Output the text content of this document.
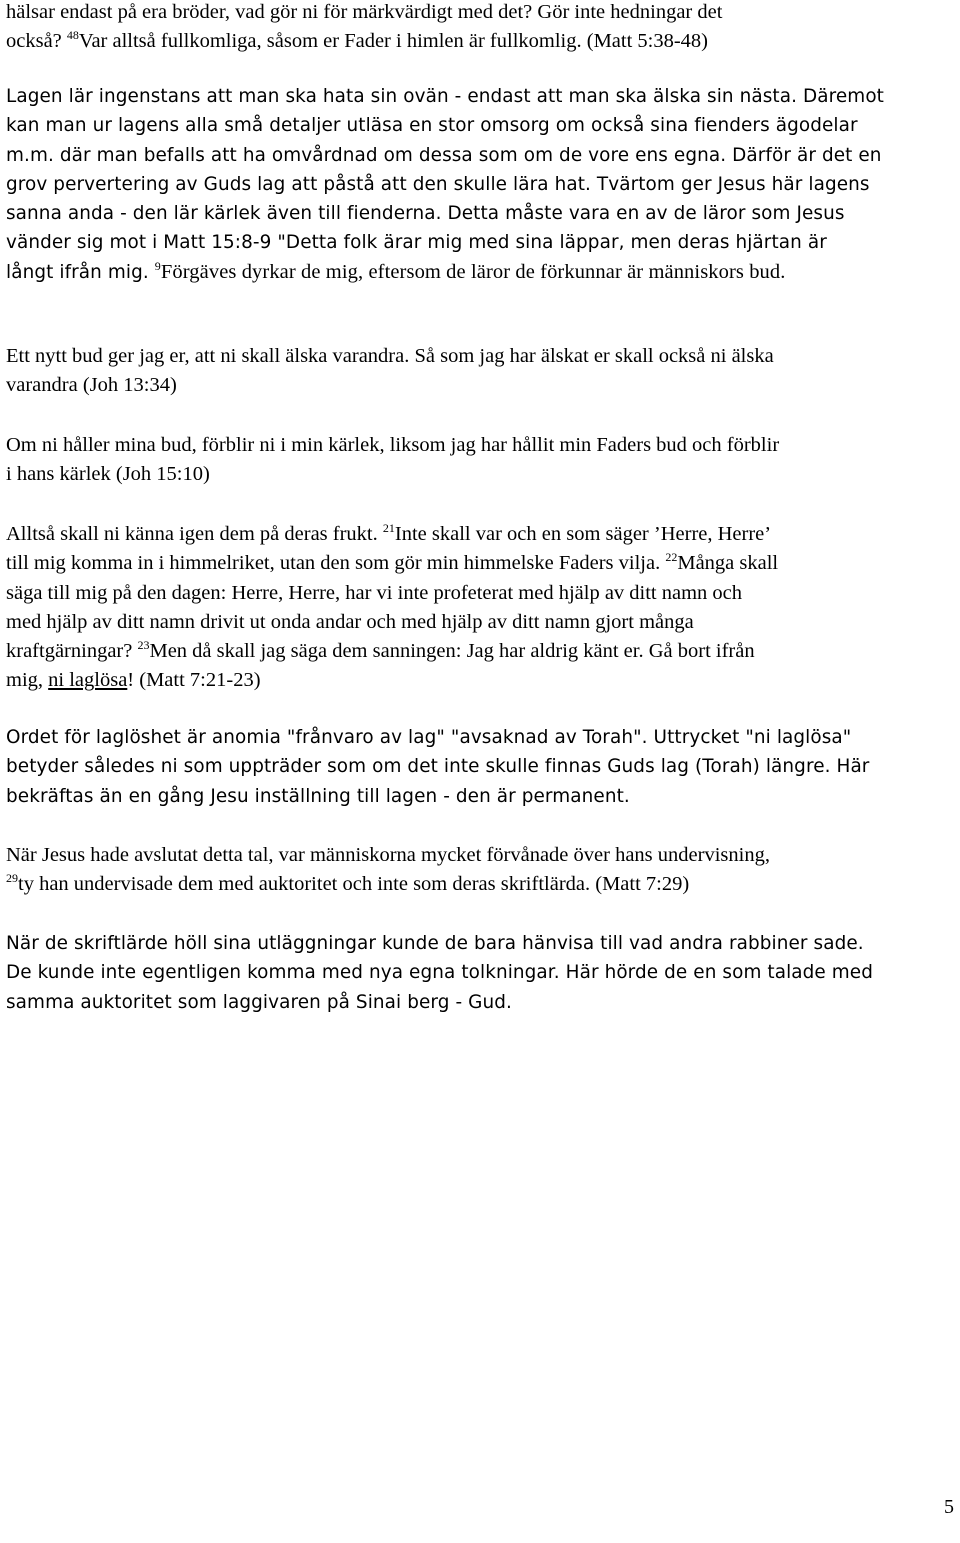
hälsar endast på era bröder, vad gör ni för märkvärdigt med det? Gör inte hedningar det
också? $^{48}$Var alltså fullkomliga, såsom er Fader i himlen är fullkomlig. (Matt 5:38-48)

Lagen lär ingenstans att man ska hata sin ovän - endast att man ska älska sin nästa. Däremot
kan man ur lagens alla små detaljer utläsa en stor omsorg om också sina fienders ägodelar
m.m. där man befalls att ha omvårdnad om dessa som om de vore ens egna. Därför är det en
grov pervertering av Guds lag att påstå att den skulle lära hat. Tvärtom ger Jesus här lagens
sanna anda - den lär kärlek även till fienderna. Detta måste vara en av de läror som Jesus
vänder sig mot i Matt 15:8-9 "Detta folk ärar mig med sina läppar, men deras hjärtan är
långt ifrån mig. $^9$Förgäves dyrkar de mig, eftersom de läror de förkunnar är människors bud.

Ett nytt bud ger jag er, att ni skall älska varandra. Så som jag har älskat er skall också ni älska
varandra (Joh 13:34)

Om ni håller mina bud, förblir ni i min kärlek, liksom jag har hållit min Faders bud och förblir
i hans kärlek (Joh 15:10)

Alltså skall ni känna igen dem på deras frukt. $^{21}$Inte skall var och en som säger ’Herre, Herre’
till mig komma in i himmelriket, utan den som gör min himmelske Faders vilja. $^{22}$Många skall
säga till mig på den dagen: Herre, Herre, har vi inte profeterat med hjälp av ditt namn och
med hjälp av ditt namn drivit ut onda andar och med hjälp av ditt namn gjort många
kraftgärningar? $^{23}$Men då skall jag säga dem sanningen: Jag har aldrig känt er. Gå bort ifrån
mig, ni laglösa! (Matt 7:21-23)

Ordet för laglöshet är anomia "frånvaro av lag" "avsaknad av Torah". Uttrycket "ni laglösa"
betyder således ni som uppträder som om det inte skulle finnas Guds lag (Torah) längre. Här
bekräftas än en gång Jesu inställning till lagen - den är permanent.

När Jesus hade avslutat detta tal, var människorna mycket förvånade över hans undervisning,
$^{29}$ty han undervisade dem med auktoritet och inte som deras skriftlärda. (Matt 7:29)

När de skriftlärde höll sina utläggningar kunde de bara hänvisa till vad andra rabbiner sade.
De kunde inte egentligen komma med nya egna tolkningar. Här hörde de en som talade med
samma auktoritet som laggivaren på Sinai berg - Gud.

5
